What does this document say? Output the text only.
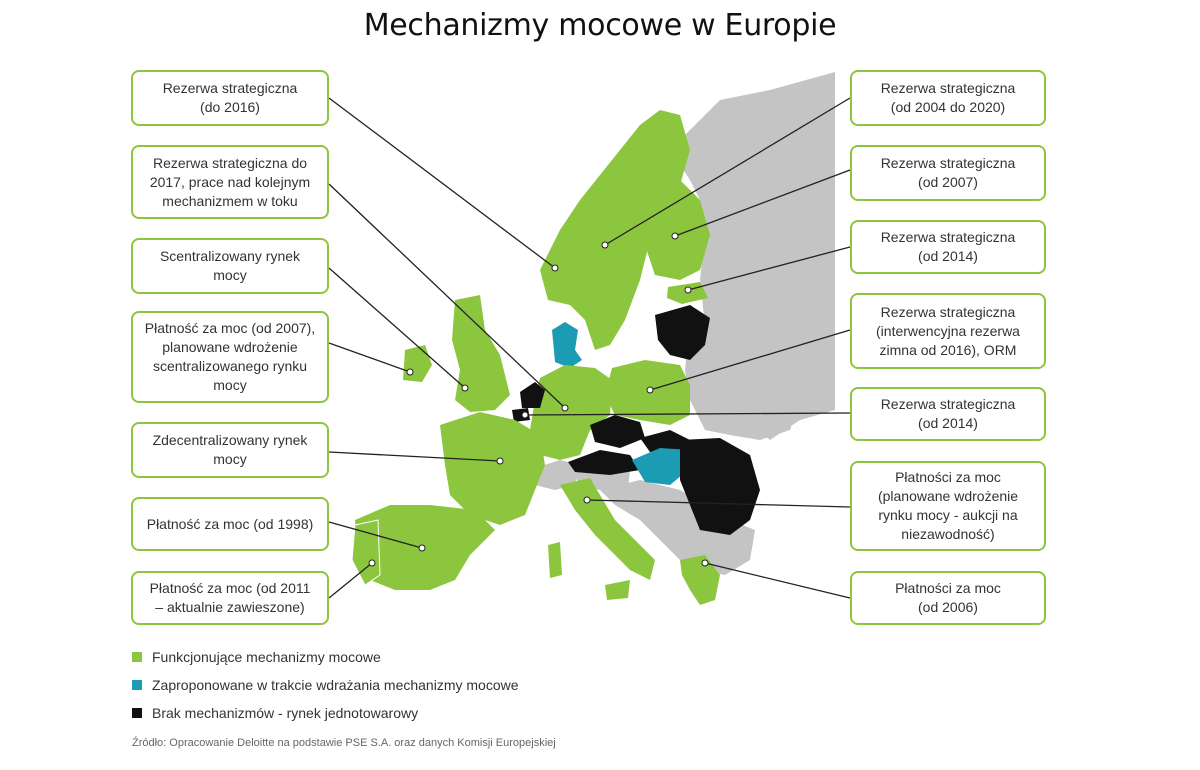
Mechanizmy mocowe w Europie
Rezerwa strategiczna
(do 2016)
Rezerwa strategiczna do
2017, prace nad kolejnym
mechanizmem w toku
Scentralizowany rynek
mocy
Płatność za moc (od 2007),
planowane wdrożenie
scentralizowanego rynku
mocy
Zdecentralizowany rynek
mocy
Płatność za moc (od 1998)
Płatność za moc (od 2011
– aktualnie zawieszone)
Rezerwa strategiczna
(od 2004 do 2020)
Rezerwa strategiczna
(od 2007)
Rezerwa strategiczna
(od 2014)
Rezerwa strategiczna
(interwencyjna rezerwa
zimna od 2016), ORM
Rezerwa strategiczna
(od 2014)
Płatności za moc
(planowane wdrożenie
rynku mocy - aukcji na
niezawodność)
Płatności za moc
(od 2006)
Funkcjonujące mechanizmy mocowe
Zaproponowane w trakcie wdrażania mechanizmy mocowe
Brak mechanizmów - rynek jednotowarowy
Źródło: Opracowanie Deloitte na podstawie PSE S.A. oraz danych Komisji Europejskiej
